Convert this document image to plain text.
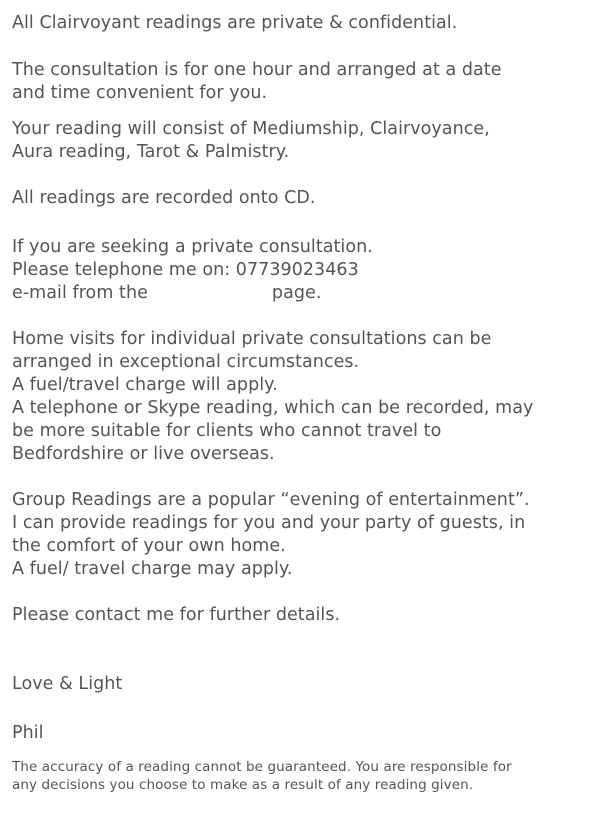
All Clairvoyant readings are private & confidential.
The consultation is for one hour and arranged at a date
and time convenient for you.
Your reading will consist of Mediumship, Clairvoyance,
Aura reading, Tarot & Palmistry.
All readings are recorded onto CD.
If you are seeking a private consultation.
Please telephone me on: 07739023463
e-mail from the	page.
Home visits for individual private consultations can be
arranged in exceptional circumstances.
A fuel/travel charge will apply.
A telephone or Skype reading, which can be recorded, may
be more suitable for clients who cannot travel to
Bedfordshire or live overseas.
Group Readings are a popular “evening of entertainment”.
I can provide readings for you and your party of guests, in
the comfort of your own home.
A fuel/ travel charge may apply.
Please contact me for further details.
Love & Light
Phil
The accuracy of a reading cannot be guaranteed. You are responsible for
any decisions you choose to make as a result of any reading given.
